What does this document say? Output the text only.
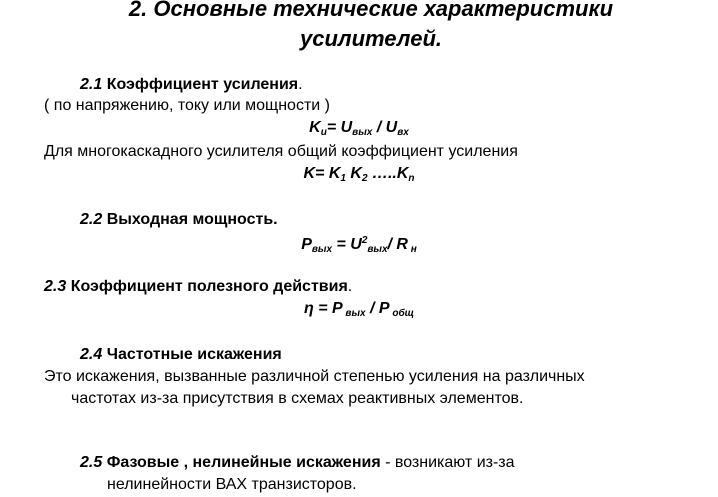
2. Основные технические характеристики
усилителей.

2.1 Коэффициент усиления.

( по напряжению, току или мощности )

$K_и= U_{вых} / U_{вх}$

Для многокаскадного усилителя общий коэффициент усиления

$K= K_1$ $K_2$ $\dots..K_n$

2.2 Выходная мощность.

$P_{вых} = U^2_{вых}/$ R $_н$

2.3 Коэффициент полезного действия.

η = P $_{вых}$ / P $_{общ}$

2.4 Частотные искажения

Это искажения, вызванные различной степенью усиления на различных

частотах из-за присутствия в схемах реактивных элементов.

2.5 Фазовые , нелинейные искажения - возникают из-за

нелинейности ВАХ транзисторов.
